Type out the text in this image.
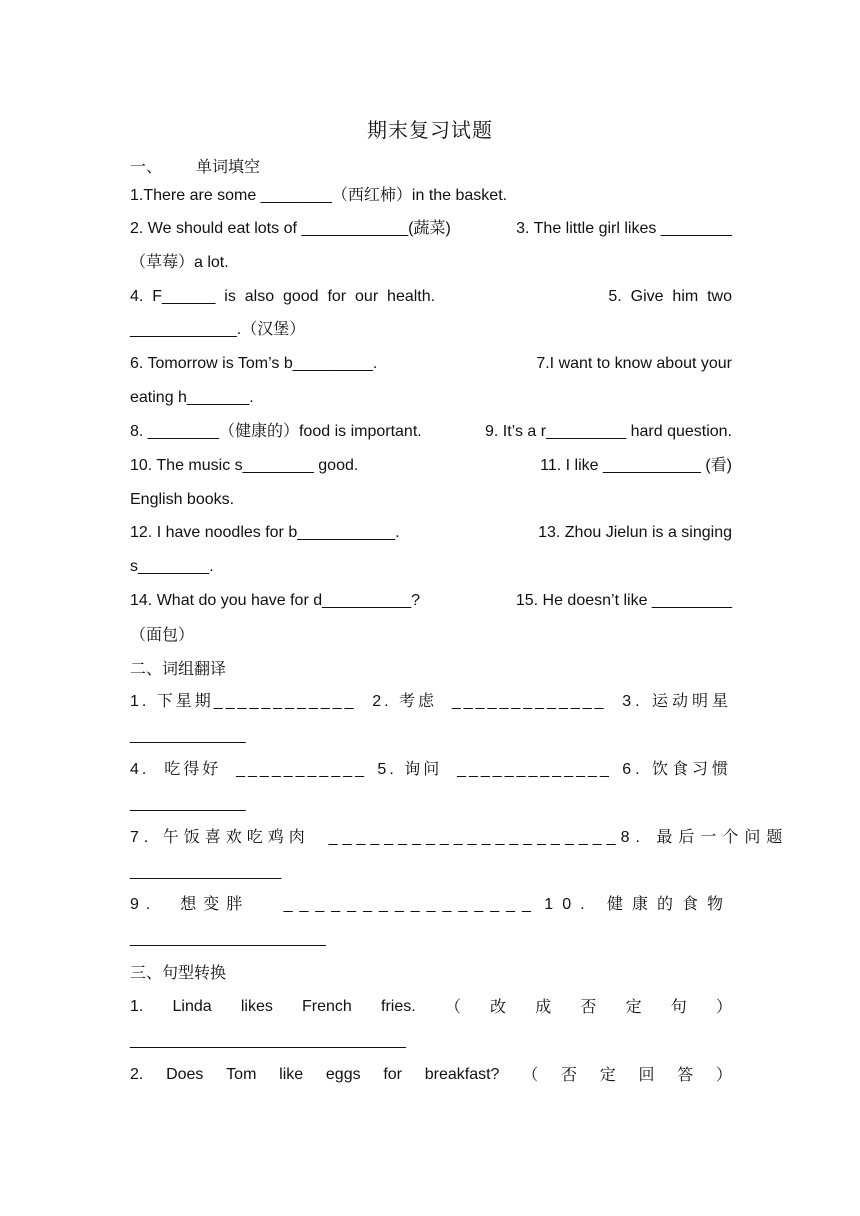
期末复习试题
一、 单词填空
1.There are some ________（西红柿）in the basket.
2. We should eat lots of ____________(蔬菜)	3. The little girl likes ________
（草莓）a lot.
4.  F______  is  also  good  for  our  health.	5.  Give  him  two
____________.（汉堡）
6. Tomorrow is Tom’s b_________.	7.I want to know about your
eating h_______.
8. ________（健康的）food is important.	9. It’s a r_________ hard question.
10. The music s________ good.	11. I like ___________ (看)
English books.
12. I have noodles for b___________.	13. Zhou Jielun is a singing
s________.
14. What do you have for d__________?	15. He doesn’t like _________
（面包）
二、词组翻译
1. 下星期____________ 2. 考虑  _____________ 3. 运动明星
_____________
4.  吃得好  ___________ 5. 询问  _____________ 6. 饮食习惯
_____________
7. 午饭喜欢吃鸡肉  _____________________ 8. 最后一个问题
_________________
9.  想变胖   ________________ 10. 健康的食物
______________________
三、句型转换
1. Linda likes French fries. （ 改 成 否 定 句 ）
_______________________________
2. Does Tom like eggs for breakfast? （ 否 定 回 答 ）
